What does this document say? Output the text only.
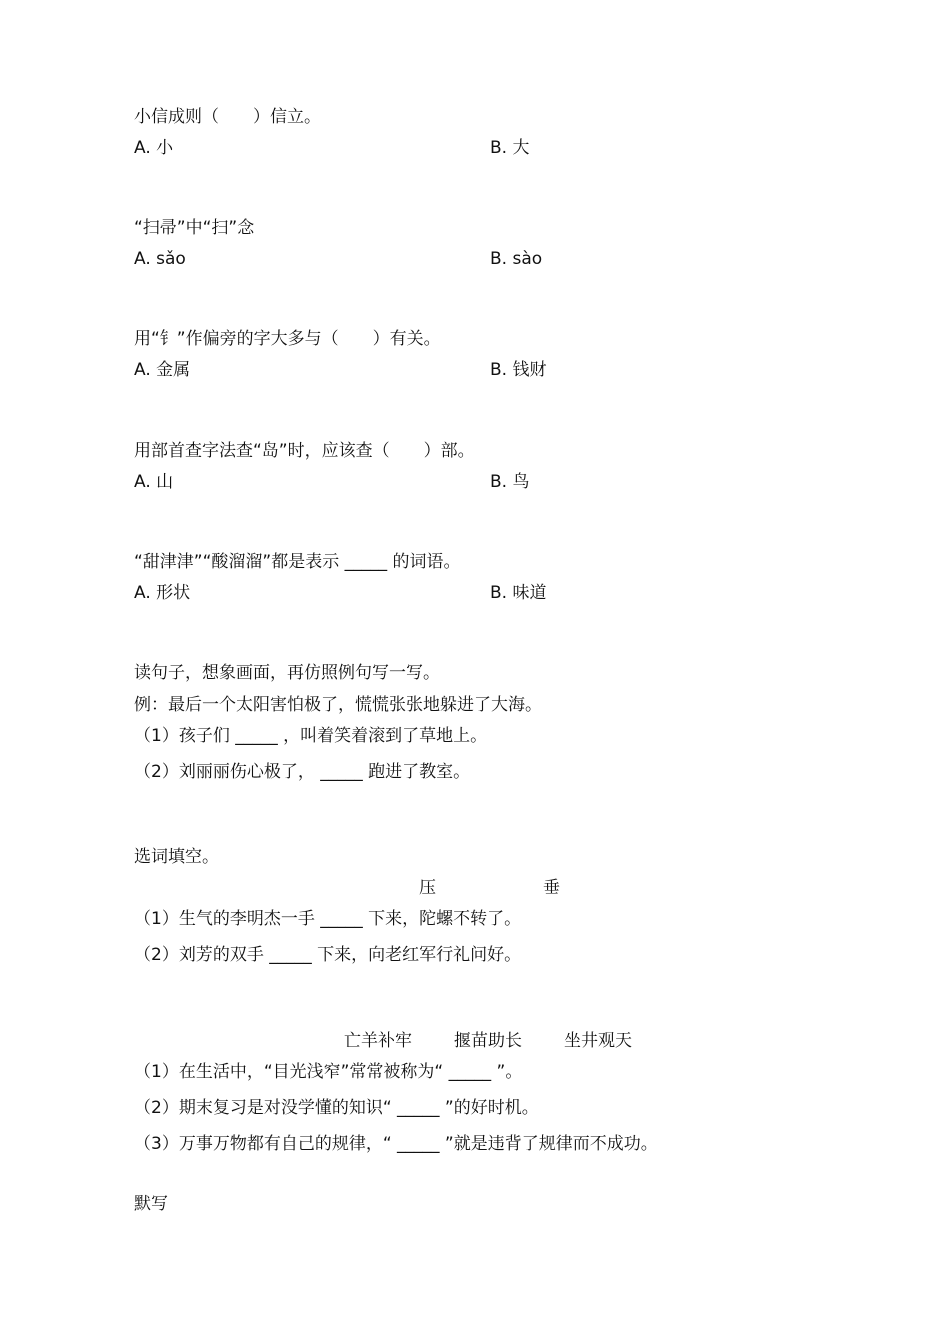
小信成则（　　）信立。
A. 小	B. 大
“扫帚”中“扫”念
A. sǎo	B. sào
用“钅”作偏旁的字大多与（　　）有关。
A. 金属	B. 钱财
用部首查字法查“岛”时，应该查（　　）部。
A. 山	B. 鸟
“甜津津”“酸溜溜”都是表示 _____ 的词语。
A. 形状	B. 味道
读句子，想象画面，再仿照例句写一写。
例：最后一个太阳害怕极了，慌慌张张地躲进了大海。
（1）孩子们 _____ ，叫着笑着滚到了草地上。
（2）刘丽丽伤心极了， _____ 跑进了教室。
选词填空。
压	垂
（1）生气的李明杰一手 _____ 下来，陀螺不转了。
（2）刘芳的双手 _____ 下来，向老红军行礼问好。
亡羊补牢 揠苗助长 坐井观天
（1）在生活中，“目光浅窄”常常被称为“ _____ ”。
（2）期末复习是对没学懂的知识“ _____ ”的好时机。
（3）万事万物都有自己的规律，“ _____ ”就是违背了规律而不成功。
默写
